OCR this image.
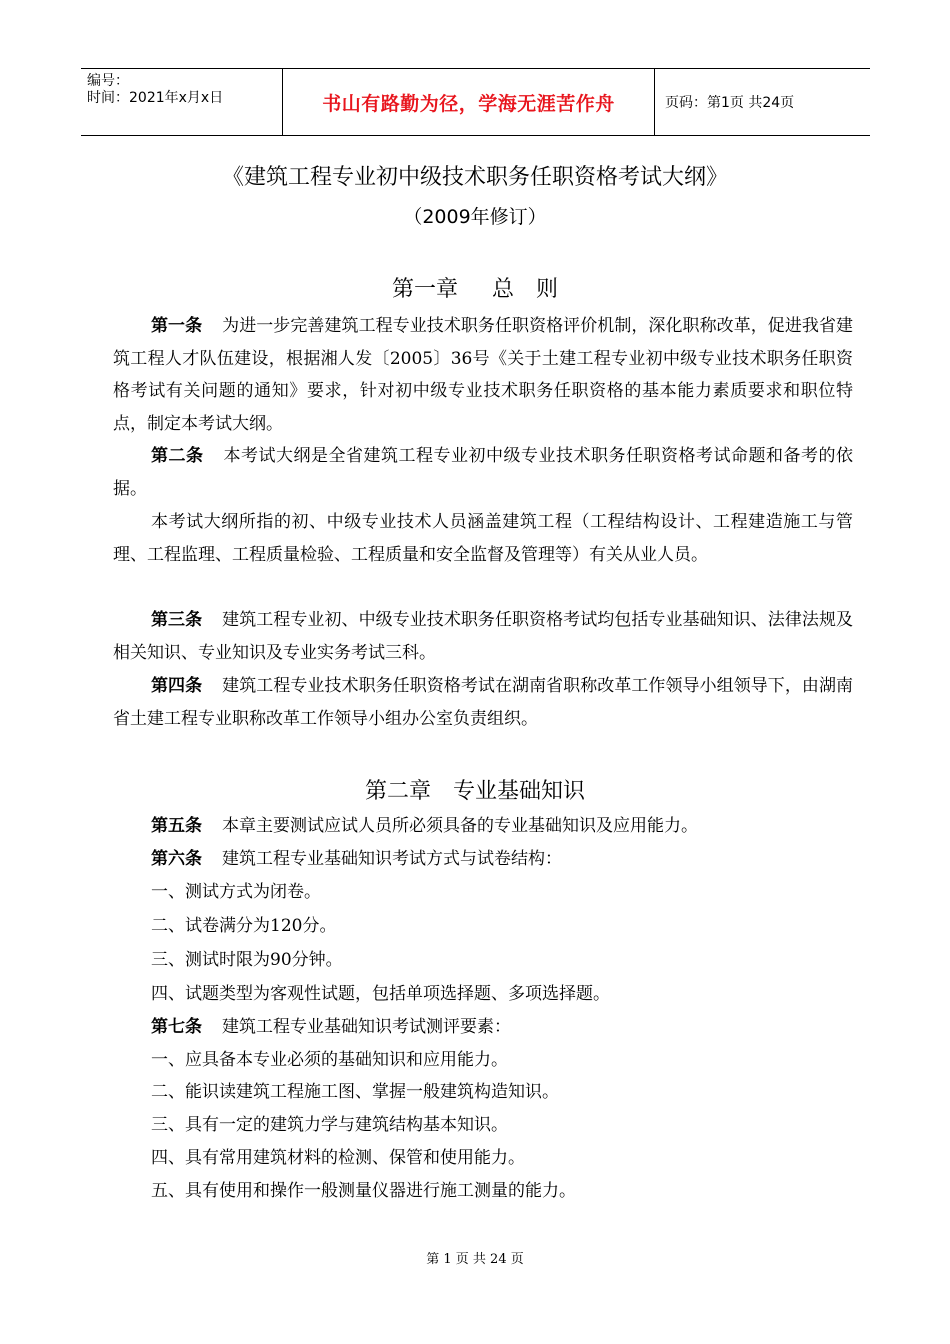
编号：
时间：2021年x月x日	书山有路勤为径，学海无涯苦作舟	页码：第1页 共24页
《建筑工程专业初中级技术职务任职资格考试大纲》
（2009年修订）
第一章 总　则
第一条 为进一步完善建筑工程专业技术职务任职资格评价机制，深化职称改革，促进我省建筑工程人才队伍建设，根据湘人发〔2005〕36号《关于土建工程专业初中级专业技术职务任职资格考试有关问题的通知》要求，针对初中级专业技术职务任职资格的基本能力素质要求和职位特点，制定本考试大纲。
第二条 本考试大纲是全省建筑工程专业初中级专业技术职务任职资格考试命题和备考的依据。
本考试大纲所指的初、中级专业技术人员涵盖建筑工程（工程结构设计、工程建造施工与管理、工程监理、工程质量检验、工程质量和安全监督及管理等）有关从业人员。
第三条 建筑工程专业初、中级专业技术职务任职资格考试均包括专业基础知识、法律法规及相关知识、专业知识及专业实务考试三科。
第四条 建筑工程专业技术职务任职资格考试在湖南省职称改革工作领导小组领导下，由湖南省土建工程专业职称改革工作领导小组办公室负责组织。
第二章 专业基础知识
第五条 本章主要测试应试人员所必须具备的专业基础知识及应用能力。
第六条 建筑工程专业基础知识考试方式与试卷结构：
一、测试方式为闭卷。
二、试卷满分为120分。
三、测试时限为90分钟。
四、试题类型为客观性试题，包括单项选择题、多项选择题。
第七条 建筑工程专业基础知识考试测评要素：
一、应具备本专业必须的基础知识和应用能力。
二、能识读建筑工程施工图、掌握一般建筑构造知识。
三、具有一定的建筑力学与建筑结构基本知识。
四、具有常用建筑材料的检测、保管和使用能力。
五、具有使用和操作一般测量仪器进行施工测量的能力。
第 1 页 共 24 页
